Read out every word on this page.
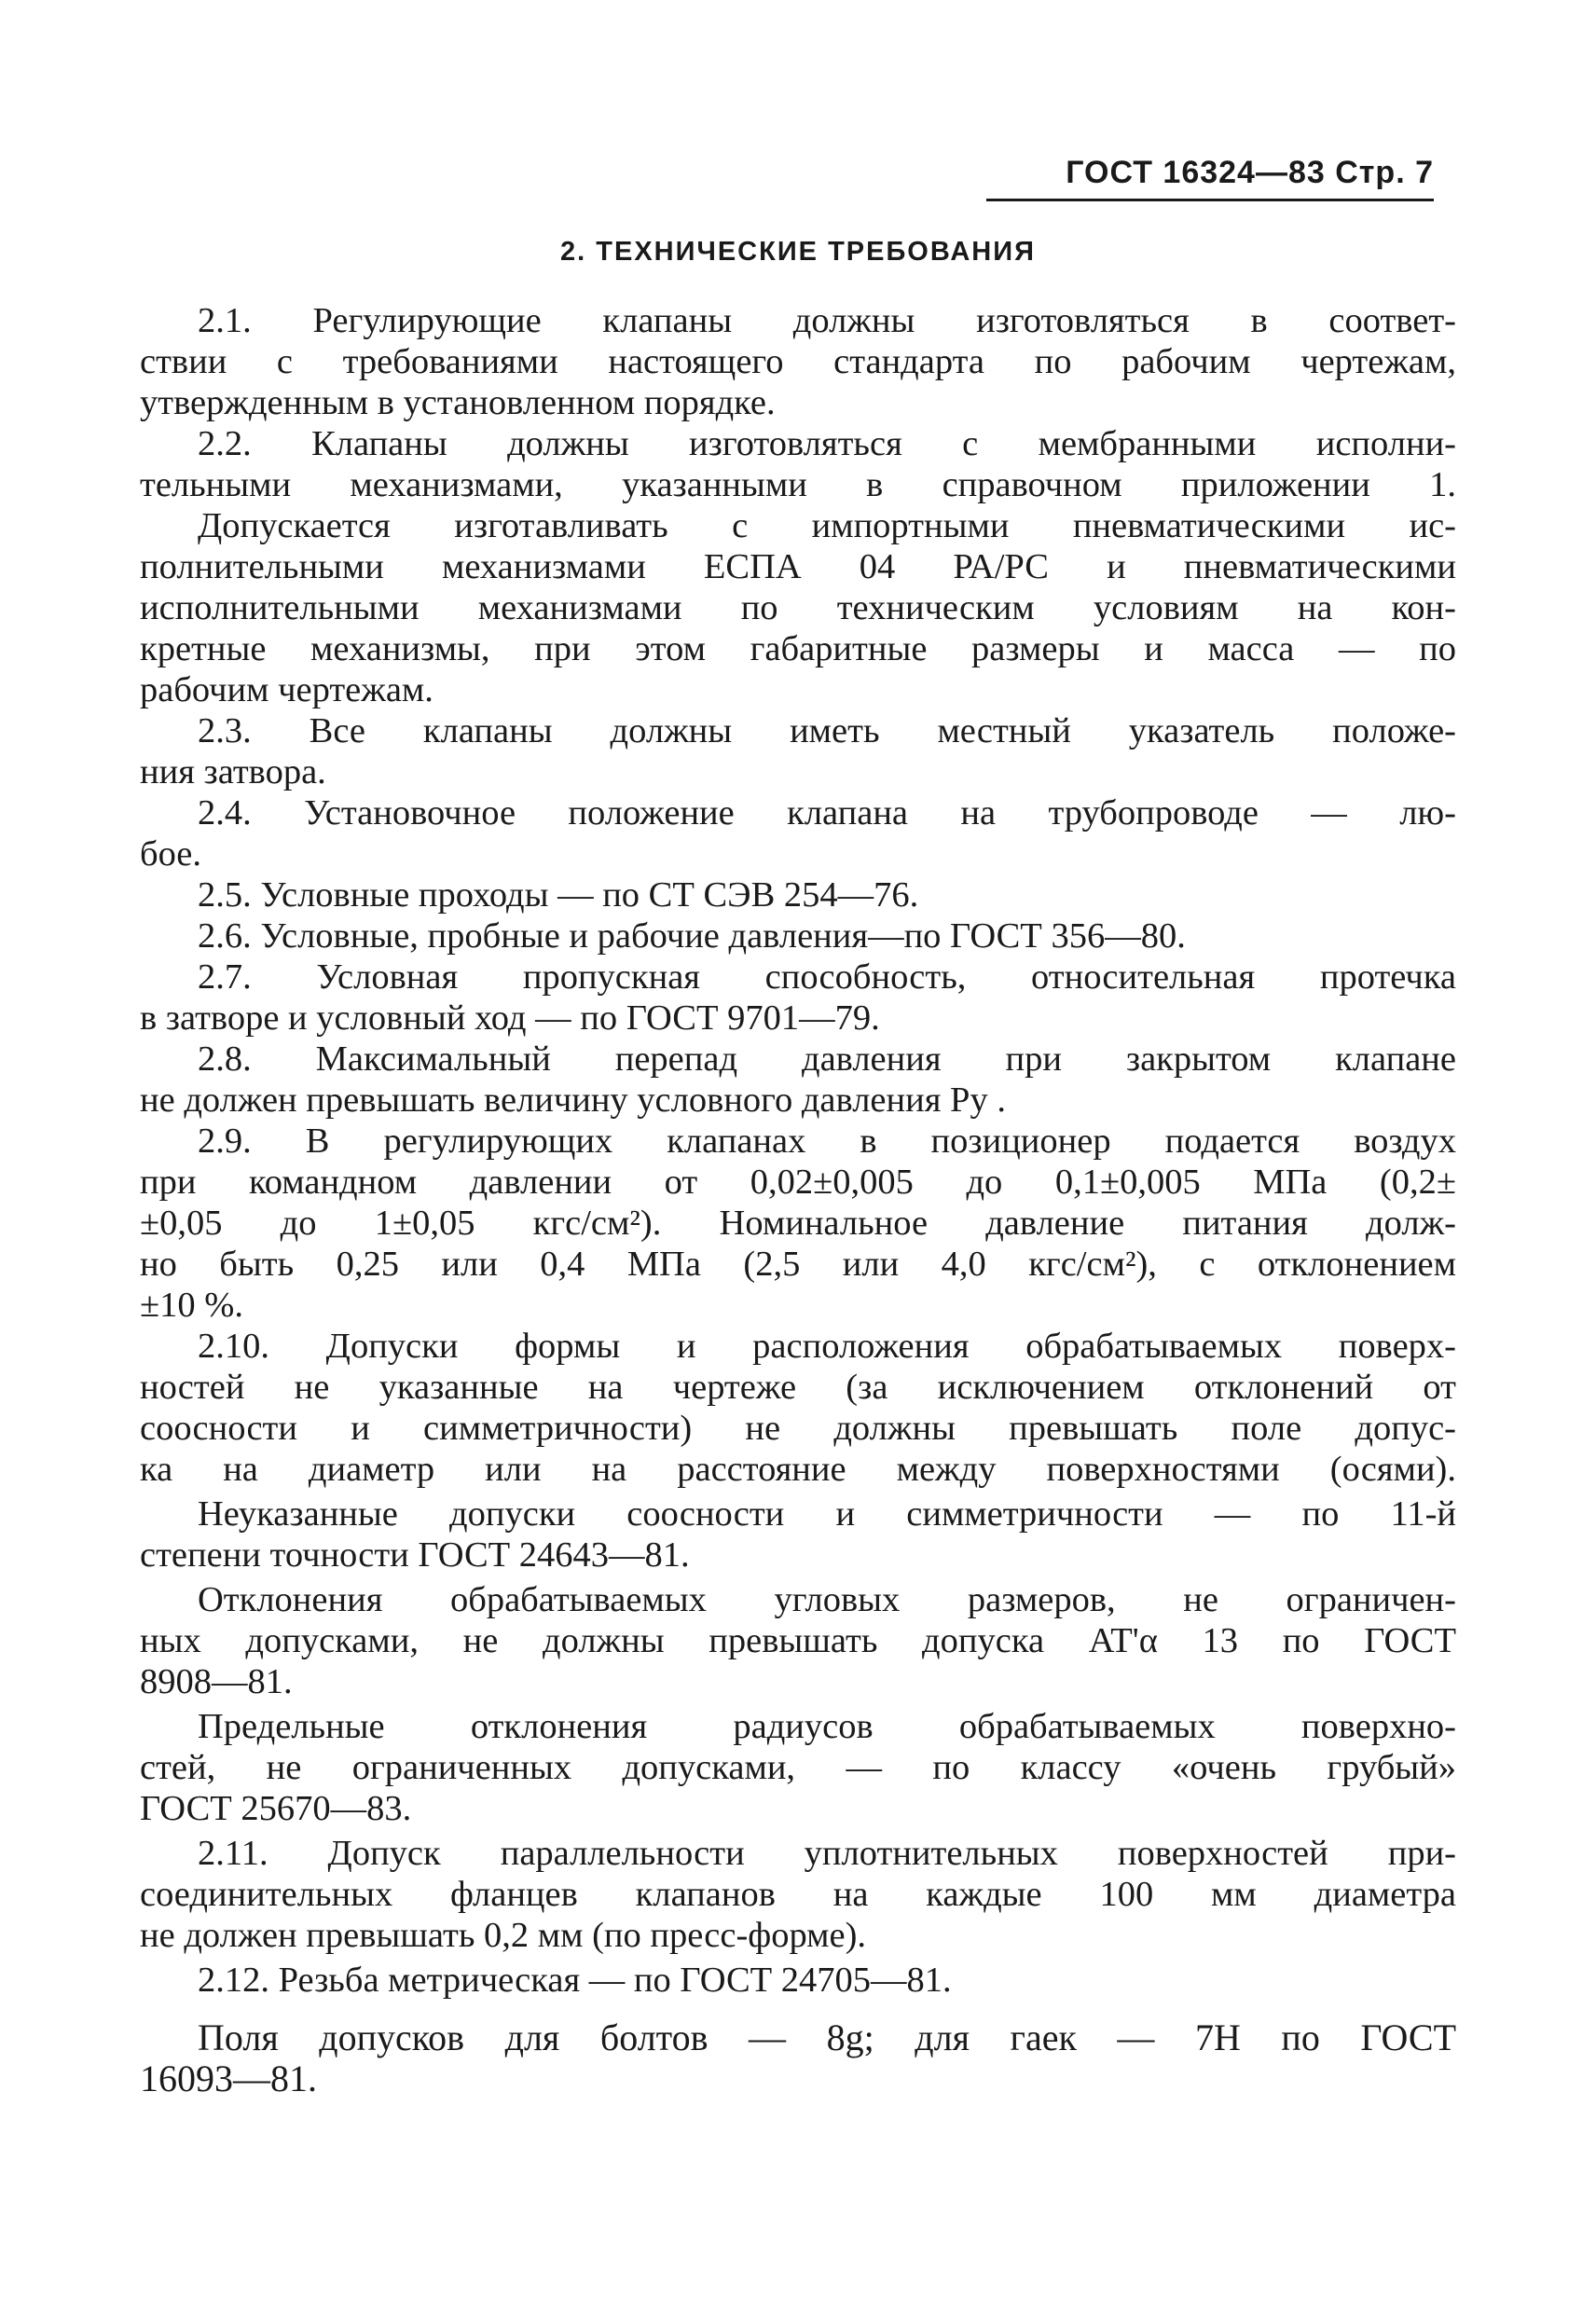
ГОСТ 16324—83 Стр. 7
2. ТЕХНИЧЕСКИЕ ТРЕБОВАНИЯ
2.1. Регулирующие клапаны должны изготовляться в соответ-
ствии с требованиями настоящего стандарта по рабочим чертежам,
утвержденным в установленном порядке.
2.2. Клапаны должны изготовляться с мембранными исполни-
тельными механизмами, указанными в справочном приложении 1.
Допускается изготавливать с импортными пневматическими ис-
полнительными механизмами ЕСПА 04 РА/РС и пневматическими
исполнительными механизмами по техническим условиям на кон-
кретные механизмы, при этом габаритные размеры и масса — по
рабочим чертежам.
2.3. Все клапаны должны иметь местный указатель положе-
ния затвора.
2.4. Установочное положение клапана на трубопроводе — лю-
бое.
2.5. Условные проходы — по СТ СЭВ 254—76.
2.6. Условные, пробные и рабочие давления—по ГОСТ 356—80.
2.7. Условная пропускная способность, относительная протечка
в затворе и условный ход — по ГОСТ 9701—79.
2.8. Максимальный перепад давления при закрытом клапане
не должен превышать величину условного давления Pу .
2.9. В регулирующих клапанах в позиционер подается воздух
при командном давлении от 0,02±0,005 до 0,1±0,005 МПа (0,2±
±0,05 до 1±0,05 кгс/см²). Номинальное давление питания долж-
но быть 0,25 или 0,4 МПа (2,5 или 4,0 кгс/см²), с отклонением
±10 %.
2.10. Допуски формы и расположения обрабатываемых поверх-
ностей не указанные на чертеже (за исключением отклонений от
соосности и симметричности) не должны превышать поле допус-
ка на диаметр или на расстояние между поверхностями (осями).
Неуказанные допуски соосности и симметричности — по 11-й
степени точности ГОСТ 24643—81.
Отклонения обрабатываемых угловых размеров, не ограничен-
ных допусками, не должны превышать допуска AT'α 13 по ГОСТ
8908—81.
Предельные отклонения радиусов обрабатываемых поверхно-
стей, не ограниченных допусками, — по классу «очень грубый»
ГОСТ 25670—83.
2.11. Допуск параллельности уплотнительных поверхностей при-
соединительных фланцев клапанов на каждые 100 мм диаметра
не должен превышать 0,2 мм (по пресс-форме).
2.12. Резьба метрическая — по ГОСТ 24705—81.
Поля допусков для болтов — 8g; для гаек — 7H по ГОСТ
16093—81.
